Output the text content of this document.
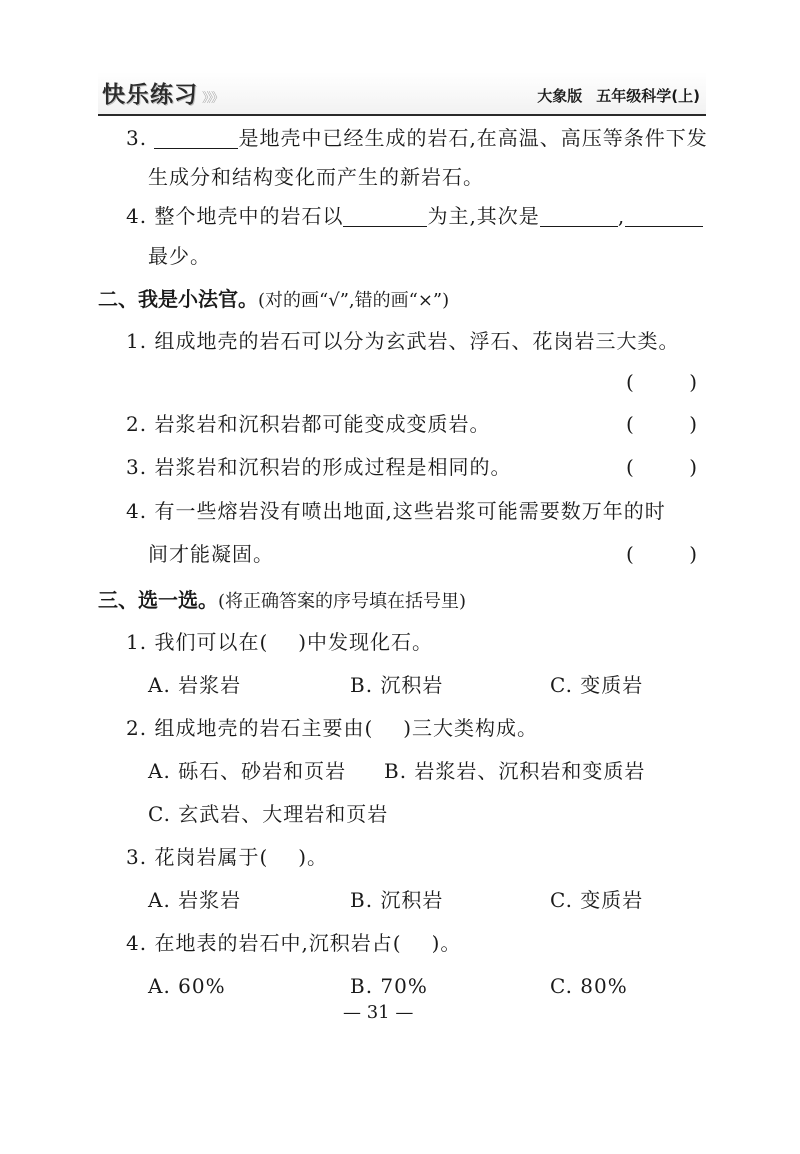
快乐练习 》》》	大象版 五年级科学(上)
3.	是地壳中已经生成的岩石,在高温、高压等条件下发
生成分和结构变化而产生的新岩石。
4. 整个地壳中的岩石以	为主,其次是	,
最少。
二、我是小法官。(对的画“√”,错的画“×”)
1. 组成地壳的岩石可以分为玄武岩、浮石、花岗岩三大类。
(	)
2. 岩浆岩和沉积岩都可能变成变质岩。	(	)
3. 岩浆岩和沉积岩的形成过程是相同的。	(	)
4. 有一些熔岩没有喷出地面,这些岩浆可能需要数万年的时
间才能凝固。	(	)
三、选一选。(将正确答案的序号填在括号里)
1. 我们可以在( )中发现化石。
A. 岩浆岩	B. 沉积岩	C. 变质岩
2. 组成地壳的岩石主要由( )三大类构成。
A. 砾石、砂岩和页岩 B. 岩浆岩、沉积岩和变质岩
C. 玄武岩、大理岩和页岩
3. 花岗岩属于( )。
A. 岩浆岩	B. 沉积岩	C. 变质岩
4. 在地表的岩石中,沉积岩占( )。
A. 60%	B. 70%	C. 80%
— 31 —
